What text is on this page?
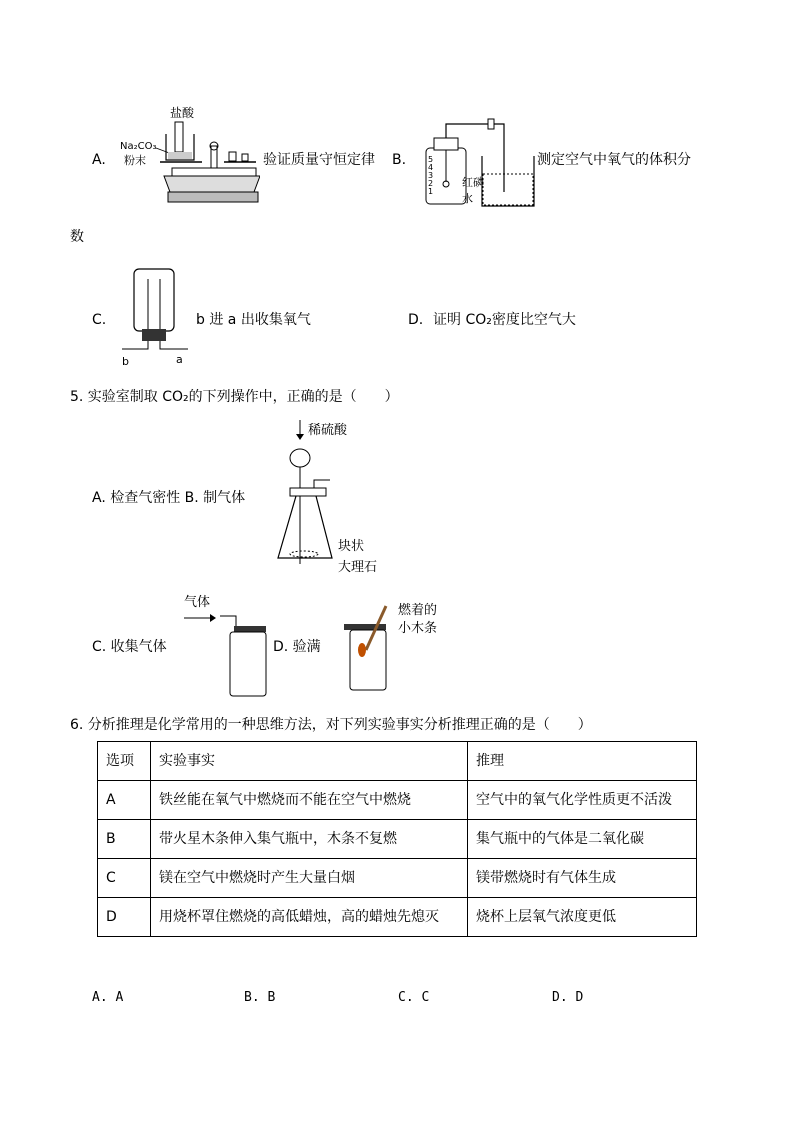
A.
盐酸
Na₂CO₃
粉末	验证质量守恒定律 B.	5
4
3
2
1
红磷
水
测定空气中氧气的体积分
数
C.
b	a
b 进 a 出收集氧气	D. 证明 CO₂密度比空气大
5. 实验室制取 CO₂的下列操作中，正确的是（　　）
A. 检查气密性 B. 制气体
稀硫酸
块状
大理石
C. 收集气体
气体
D. 验满
燃着的
小木条
6. 分析推理是化学常用的一种思维方法，对下列实验事实分析推理正确的是（　　）
选项	实验事实	推理
A	铁丝能在氧气中燃烧而不能在空气中燃烧	空气中的氧气化学性质更不活泼
B	带火星木条伸入集气瓶中，木条不复燃	集气瓶中的气体是二氧化碳
C	镁在空气中燃烧时产生大量白烟	镁带燃烧时有气体生成
D	用烧杯罩住燃烧的高低蜡烛，高的蜡烛先熄灭	烧杯上层氧气浓度更低
A. A	B. B	C. C	D. D
